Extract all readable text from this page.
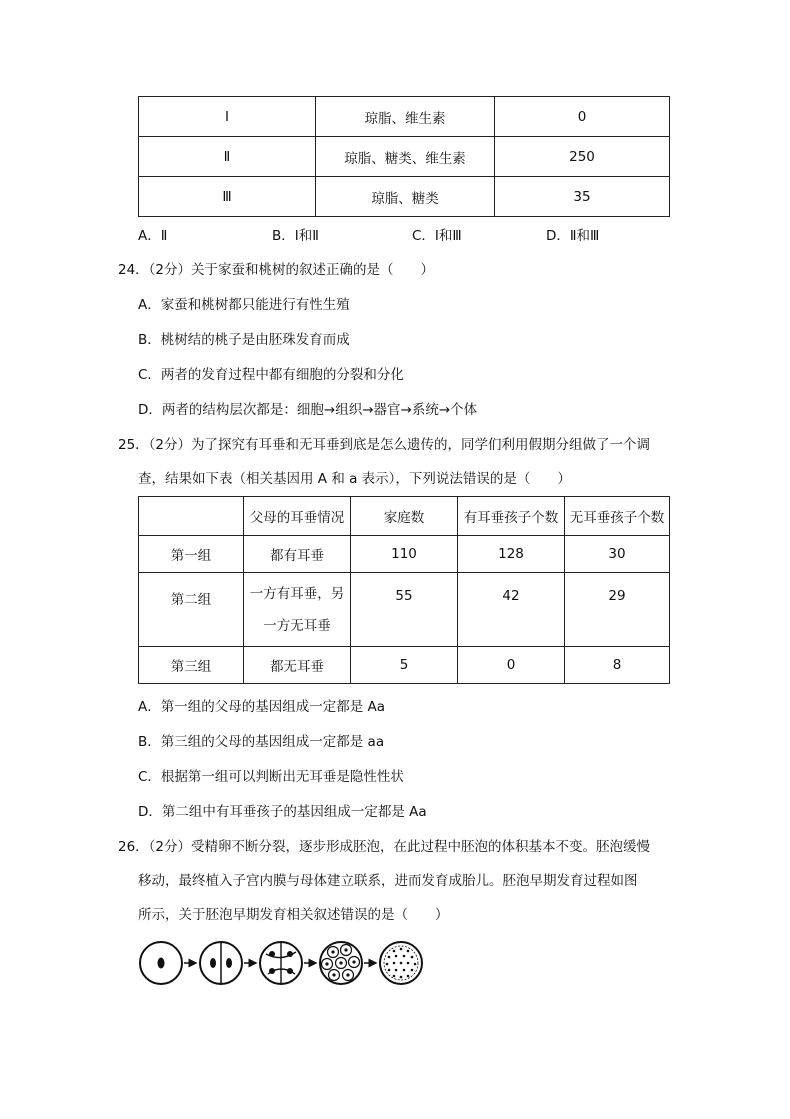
Ⅰ	琼脂、维生素	0
Ⅱ	琼脂、糖类、维生素	250
Ⅲ	琼脂、糖类	35
A．Ⅱ	B．Ⅰ和Ⅱ	C．Ⅰ和Ⅲ	D．Ⅱ和Ⅲ
24．（2分）关于家蚕和桃树的叙述正确的是（　　）
A．家蚕和桃树都只能进行有性生殖
B．桃树结的桃子是由胚珠发育而成
C．两者的发育过程中都有细胞的分裂和分化
D．两者的结构层次都是：细胞→组织→器官→系统→个体
25．（2分）为了探究有耳垂和无耳垂到底是怎么遗传的，同学们利用假期分组做了一个调
查，结果如下表（相关基因用 A 和 a 表示），下列说法错误的是（　　）
	父母的耳垂情况	家庭数	有耳垂孩子个数	无耳垂孩子个数
第一组	都有耳垂	110	128	30
第二组	一方有耳垂，另
一方无耳垂	55	42	29
第三组	都无耳垂	5	0	8
A．第一组的父母的基因组成一定都是 Aa
B．第三组的父母的基因组成一定都是 aa
C．根据第一组可以判断出无耳垂是隐性性状
D．第二组中有耳垂孩子的基因组成一定都是 Aa
26．（2分）受精卵不断分裂，逐步形成胚泡，在此过程中胚泡的体积基本不变。胚泡缓慢
移动，最终植入子宫内膜与母体建立联系，进而发育成胎儿。胚泡早期发育过程如图
所示，关于胚泡早期发育相关叙述错误的是（　　）
